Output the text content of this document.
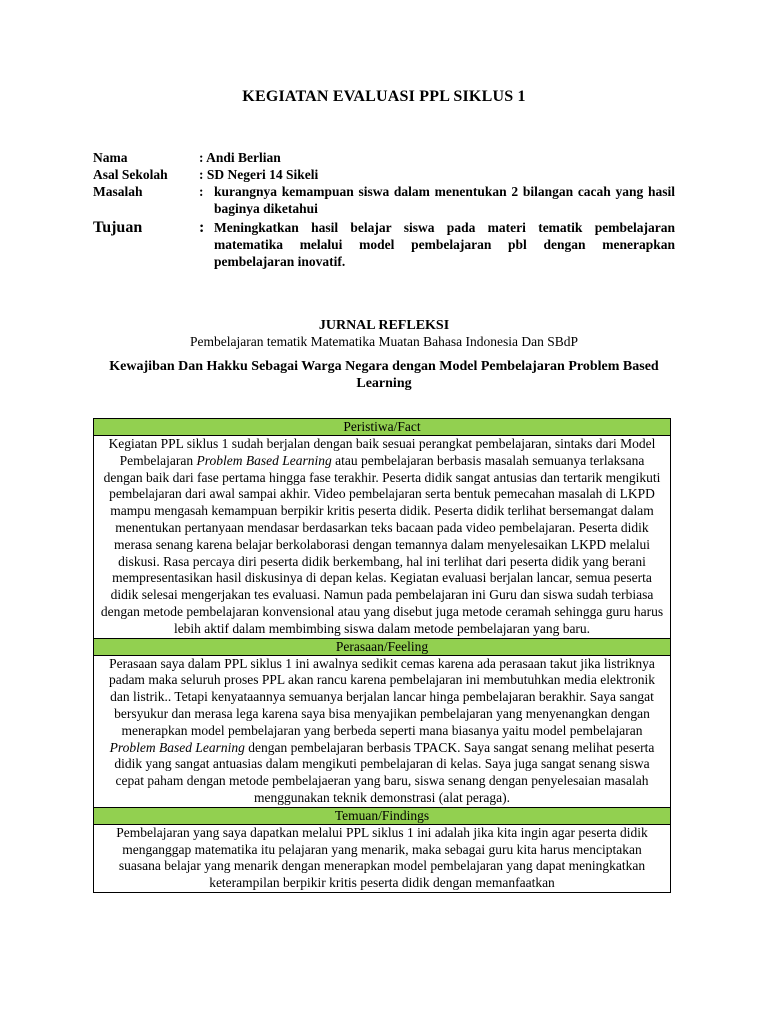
KEGIATAN EVALUASI PPL SIKLUS 1
Nama	: Andi Berlian
Asal Sekolah	: SD Negeri 14 Sikeli
Masalah	: kurangnya kemampuan siswa dalam menentukan 2 bilangan cacah yang hasil baginya diketahui
Tujuan	: Meningkatkan hasil belajar siswa pada materi tematik pembelajaran matematika melalui model pembelajaran pbl dengan menerapkan pembelajaran inovatif.
JURNAL REFLEKSI
Pembelajaran tematik Matematika Muatan Bahasa Indonesia Dan SBdP
Kewajiban Dan Hakku Sebagai Warga Negara dengan Model Pembelajaran Problem Based Learning
Peristiwa/Fact
Kegiatan PPL siklus 1 sudah berjalan dengan baik sesuai perangkat pembelajaran, sintaks dari Model Pembelajaran Problem Based Learning atau pembelajaran berbasis masalah semuanya terlaksana dengan baik dari fase pertama hingga fase terakhir. Peserta didik sangat antusias dan tertarik mengikuti pembelajaran dari awal sampai akhir. Video pembelajaran serta bentuk pemecahan masalah di LKPD mampu mengasah kemampuan berpikir kritis peserta didik. Peserta didik terlihat bersemangat dalam menentukan pertanyaan mendasar berdasarkan teks bacaan pada video pembelajaran. Peserta didik merasa senang karena belajar berkolaborasi dengan temannya dalam menyelesaikan LKPD melalui diskusi. Rasa percaya diri peserta didik berkembang, hal ini terlihat dari peserta didik yang berani mempresentasikan hasil diskusinya di depan kelas. Kegiatan evaluasi berjalan lancar, semua peserta didik selesai mengerjakan tes evaluasi. Namun pada pembelajaran ini Guru dan siswa sudah terbiasa dengan metode pembelajaran konvensional atau yang disebut juga metode ceramah sehingga guru harus lebih aktif dalam membimbing siswa dalam metode pembelajaran yang baru.
Perasaan/Feeling
Perasaan saya dalam PPL siklus 1 ini awalnya sedikit cemas karena ada perasaan takut jika listriknya padam maka seluruh proses PPL akan rancu karena pembelajaran ini membutuhkan media elektronik dan listrik.. Tetapi kenyataannya semuanya berjalan lancar hinga pembelajaran berakhir. Saya sangat bersyukur dan merasa lega karena saya bisa menyajikan pembelajaran yang menyenangkan dengan menerapkan model pembelajaran yang berbeda seperti mana biasanya yaitu model pembelajaran Problem Based Learning dengan pembelajaran berbasis TPACK. Saya sangat senang melihat peserta didik yang sangat antuasias dalam mengikuti pembelajaran di kelas. Saya juga sangat senang siswa cepat paham dengan metode pembelajaeran yang baru, siswa senang dengan penyelesaian masalah menggunakan teknik demonstrasi (alat peraga).
Temuan/Findings

Pembelajaran yang saya dapatkan melalui PPL siklus 1 ini adalah jika kita ingin agar peserta didik menganggap matematika itu pelajaran yang menarik, maka sebagai guru kita harus menciptakan suasana belajar yang menarik dengan menerapkan model pembelajaran yang dapat meningkatkan keterampilan berpikir kritis peserta didik dengan memanfaatkan
